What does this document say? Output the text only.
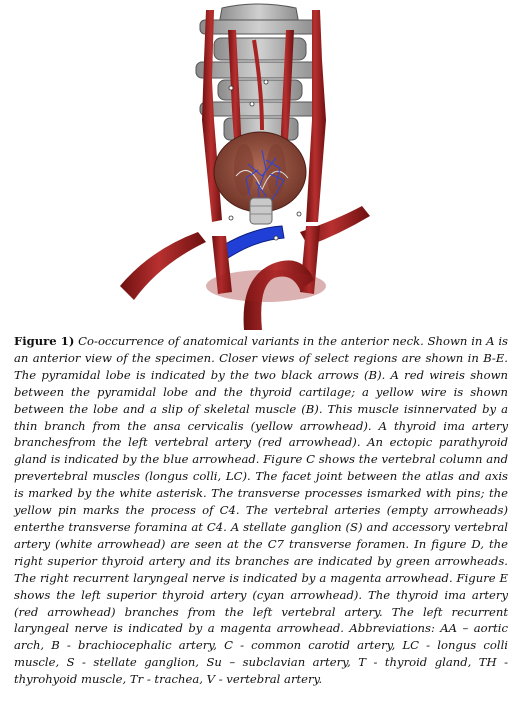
Figure 1) Co-occurrence of anatomical variants in the anterior neck. Shown in A is an anterior view of the specimen. Closer views of select regions are shown in B-E. The pyramidal lobe is indicated by the two black arrows (B). A red wireis shown between the pyramidal lobe and the thyroid cartilage; a yellow wire is shown between the lobe and a slip of skeletal muscle (B). This muscle isinnervated by a thin branch from the ansa cervicalis (yellow arrowhead). A thyroid ima artery branchesfrom the left vertebral artery (red arrowhead). An ectopic parathyroid gland is indicated by the blue arrowhead. Figure C shows the vertebral column and prevertebral muscles (longus colli, LC). The facet joint between the atlas and axis is marked by the white asterisk. The transverse processes ismarked with pins; the yellow pin marks the process of C4. The vertebral arteries (empty arrowheads) enterthe transverse foramina at C4. A stellate ganglion (S) and accessory vertebral artery (white arrowhead) are seen at the C7 transverse foramen. In figure D, the right superior thyroid artery and its branches are indicated by green arrowheads. The right recurrent laryngeal nerve is indicated by a magenta arrowhead. Figure E shows the left superior thyroid artery (cyan arrowhead). The thyroid ima artery (red arrowhead) branches from the left vertebral artery. The left recurrent laryngeal nerve is indicated by a magenta arrowhead. Abbreviations: AA – aortic arch, B - brachiocephalic artery, C - common carotid artery, LC - longus colli muscle, S - stellate ganglion, Su – subclavian artery, T - thyroid gland, TH - thyrohyoid muscle, Tr - trachea, V - vertebral artery.
